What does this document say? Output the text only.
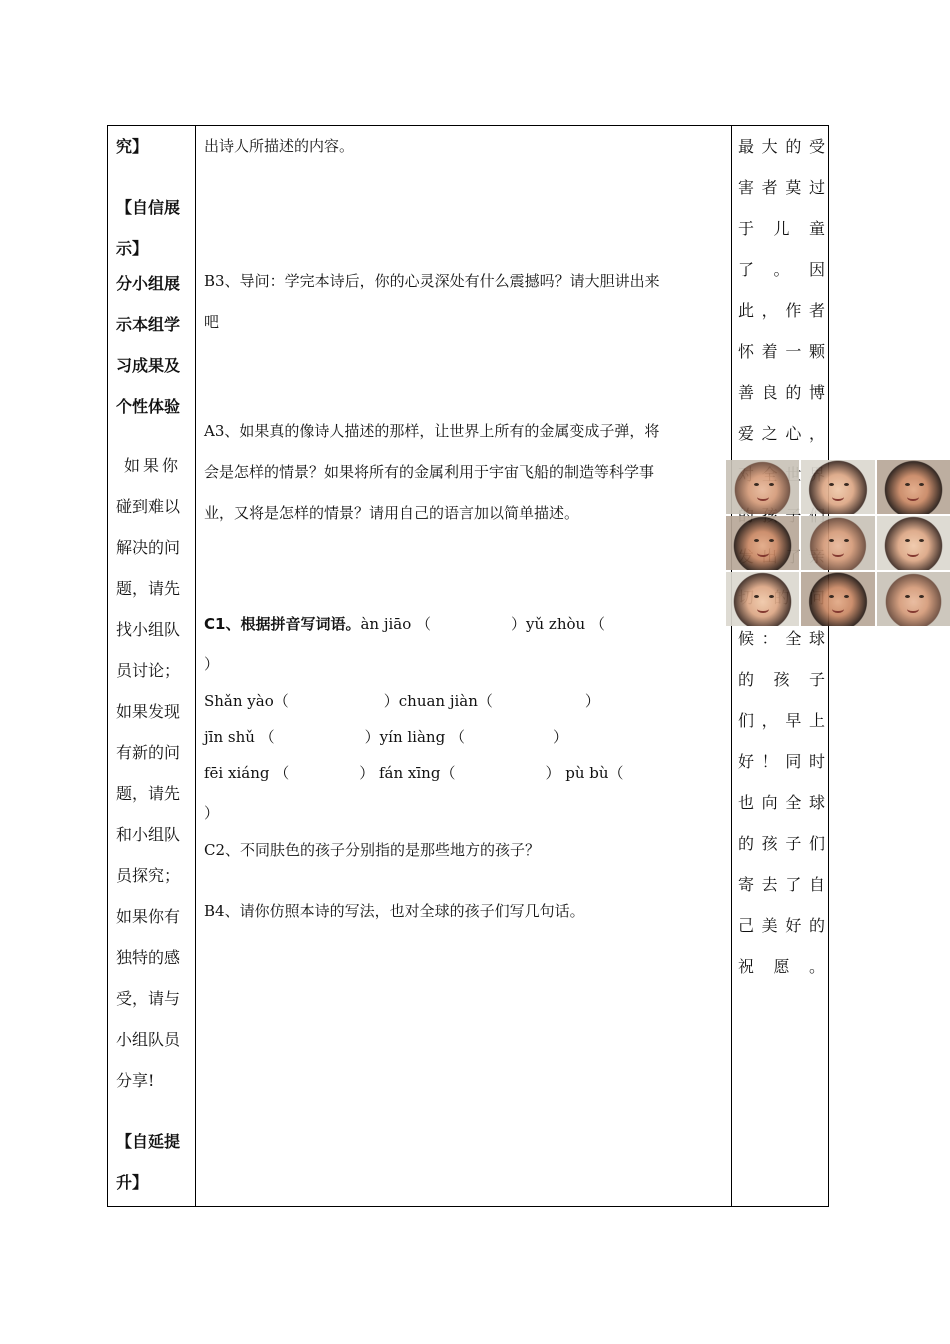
究】
【自信展
示】
分小组展
示本组学
习成果及
个性体验
如果你
碰到难以
解决的问
题，请先
找小组队
员讨论；
如果发现
有新的问
题，请先
和小组队
员探究；
如果你有
独特的感
受，请与
小组队员
分享!
【自延提
升】
出诗人所描述的内容。
B3、导问：学完本诗后，你的心灵深处有什么震撼吗？请大胆讲出来
吧
A3、如果真的像诗人描述的那样，让世界上所有的金属变成子弹，将
会是怎样的情景？如果将所有的金属利用于宇宙飞船的制造等科学事
业，又将是怎样的情景？请用自己的语言加以简单描述。
C1、根据拼音写词语。àn jiāo （	）yǔ zhòu （
）
Shǎn yào（	）chuan jiàn（	）
jīn shǔ （	）yín liàng （	）
fēi xiáng （	） fán xīng（	） pù bù（
）
C2、不同肤色的孩子分别指的是那些地方的孩子？
B4、请你仿照本诗的写法，也对全球的孩子们写几句话。
最大的受
害者莫过
于儿童
了。因
此，作者
怀着一颗
善良的博
爱之心，
候：全球
的孩子
们，早上
好！同时
也向全球
的孩子们
寄去了自
己美好的
祝愿。
